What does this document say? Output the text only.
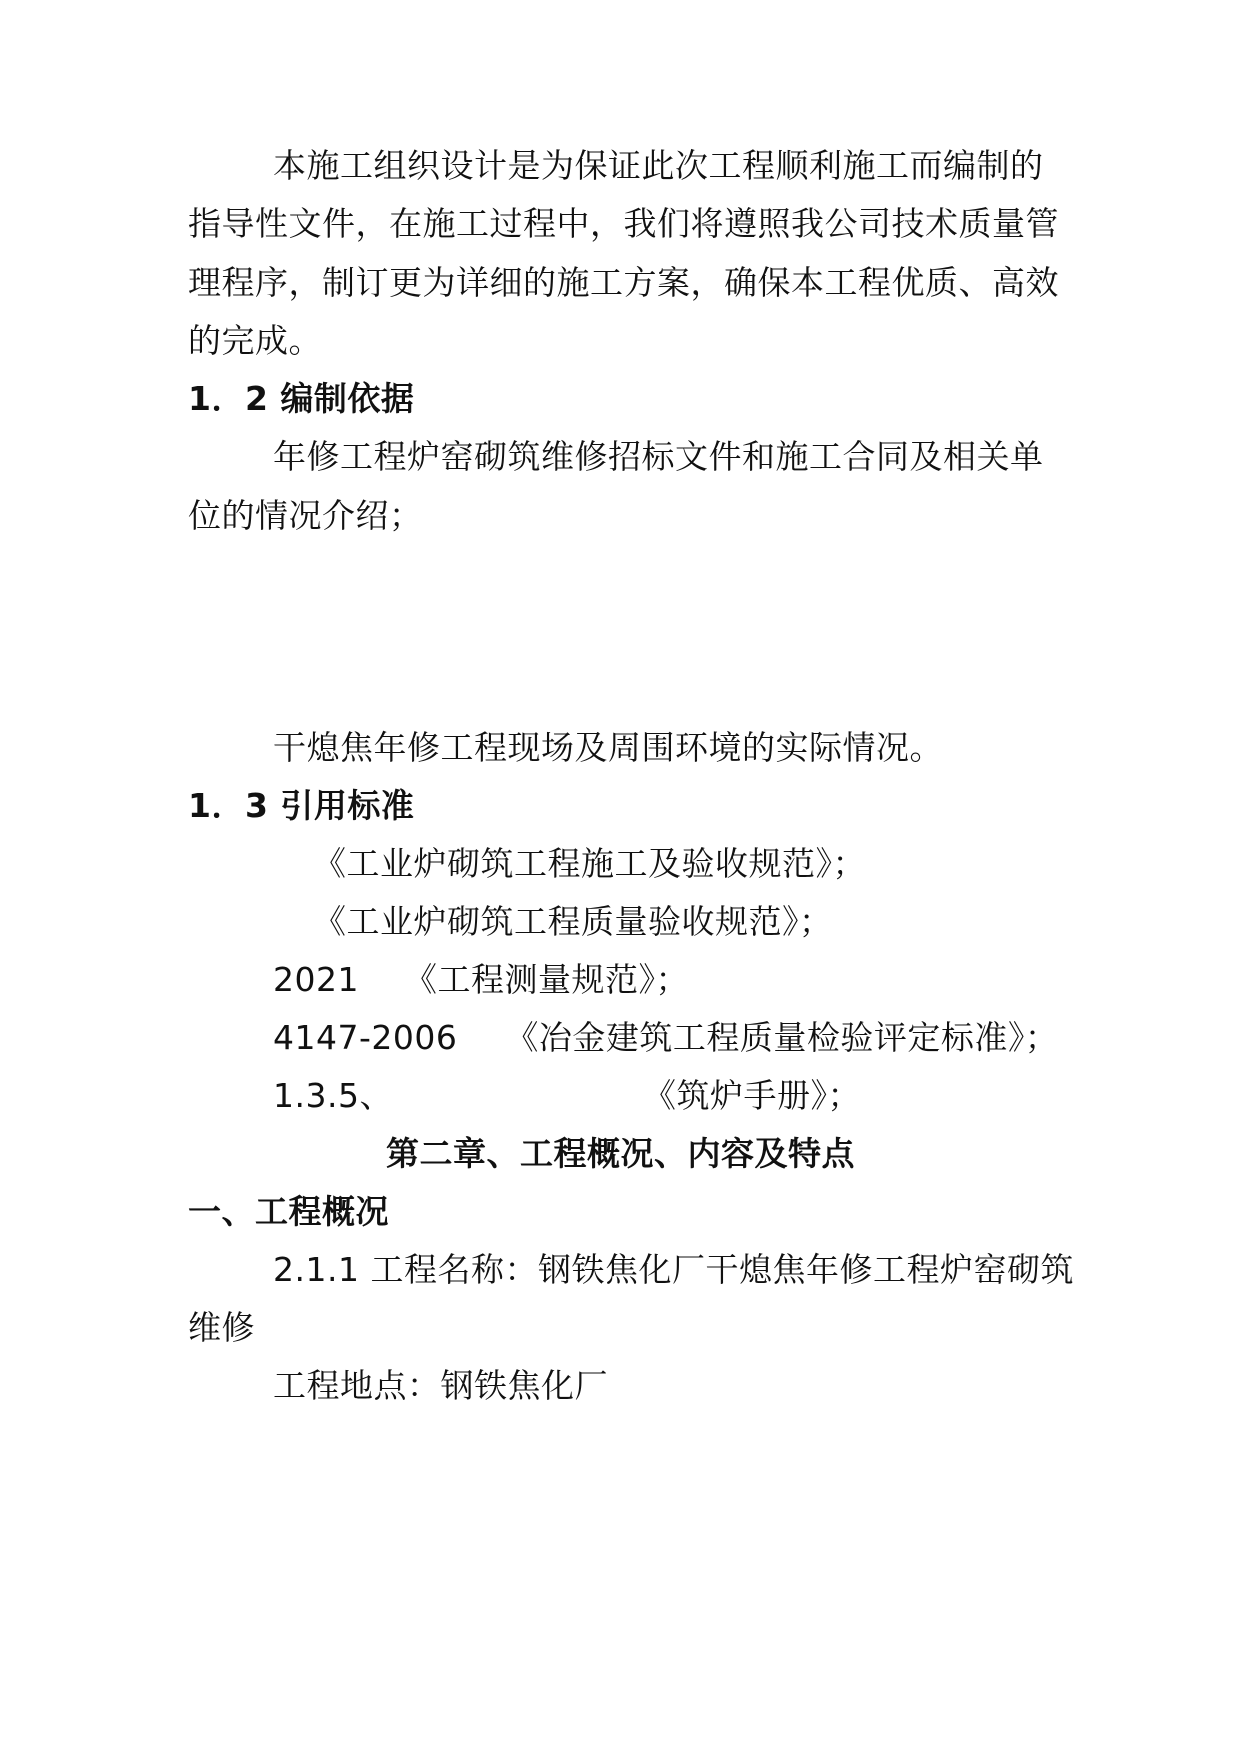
本施工组织设计是为保证此次工程顺利施工而编制的
指导性文件，在施工过程中，我们将遵照我公司技术质量管
理程序，制订更为详细的施工方案，确保本工程优质、高效
的完成。
1．2 编制依据
年修工程炉窑砌筑维修招标文件和施工合同及相关单
位的情况介绍；
干熄焦年修工程现场及周围环境的实际情况。
1．3 引用标准
《工业炉砌筑工程施工及验收规范》；
《工业炉砌筑工程质量验收规范》；
2021 《工程测量规范》；
4147-2006 《冶金建筑工程质量检验评定标准》；
1.3.5、	《筑炉手册》；
第二章、工程概况、内容及特点
一、工程概况
2.1.1 工程名称：钢铁焦化厂干熄焦年修工程炉窑砌筑
维修
工程地点：钢铁焦化厂
